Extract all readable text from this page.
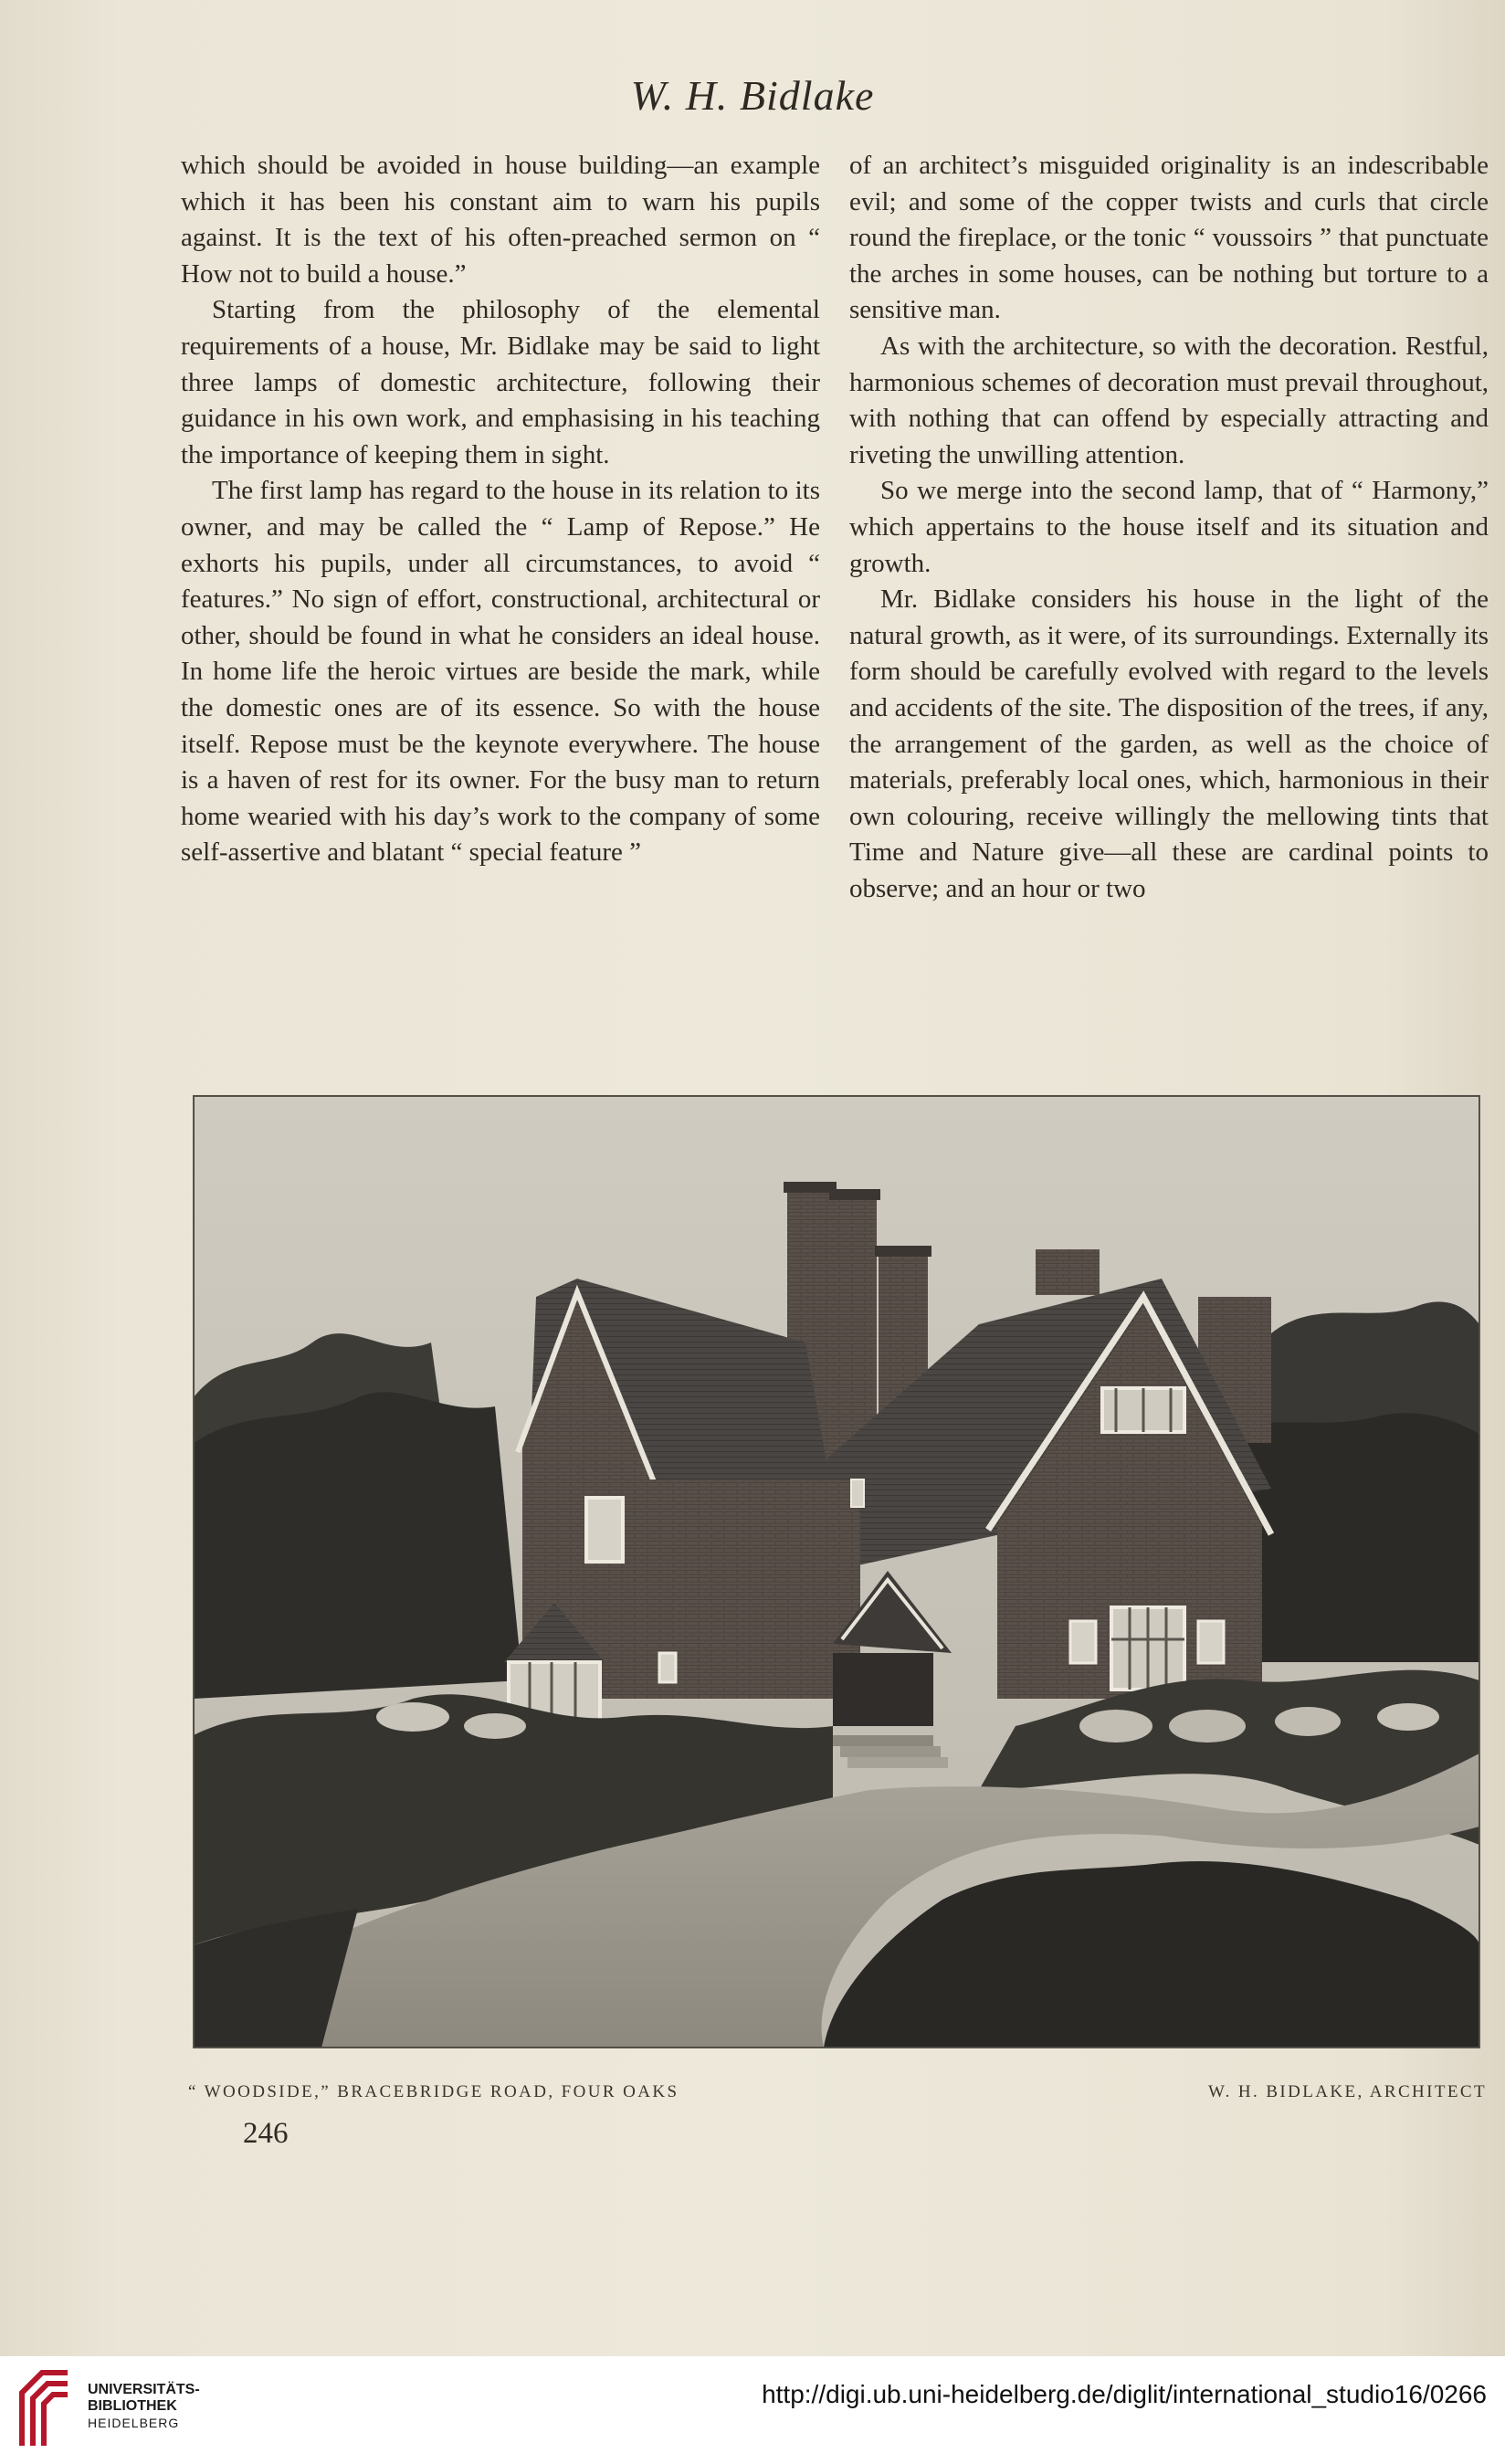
W. H. Bidlake

which should be avoided in house building—an example which it has been his constant aim to warn his pupils against. It is the text of his often-preached sermon on “ How not to build a house.”

Starting from the philosophy of the elemental requirements of a house, Mr. Bidlake may be said to light three lamps of domestic architecture, following their guidance in his own work, and emphasising in his teaching the importance of keeping them in sight.

The first lamp has regard to the house in its relation to its owner, and may be called the “ Lamp of Repose.” He exhorts his pupils, under all circumstances, to avoid “ features.” No sign of effort, constructional, architectural or other, should be found in what he considers an ideal house. In home life the heroic virtues are beside the mark, while the domestic ones are of its essence. So with the house itself. Repose must be the keynote everywhere. The house is a haven of rest for its owner. For the busy man to return home wearied with his day’s work to the company of some self-assertive and blatant “ special feature ”

of an architect’s misguided originality is an indescribable evil; and some of the copper twists and curls that circle round the fireplace, or the tonic “ voussoirs ” that punctuate the arches in some houses, can be nothing but torture to a sensitive man.

As with the architecture, so with the decoration. Restful, harmonious schemes of decoration must prevail throughout, with nothing that can offend by especially attracting and riveting the unwilling attention.

So we merge into the second lamp, that of “ Harmony,” which appertains to the house itself and its situation and growth.

Mr. Bidlake considers his house in the light of the natural growth, as it were, of its surroundings. Externally its form should be carefully evolved with regard to the levels and accidents of the site. The disposition of the trees, if any, the arrangement of the garden, as well as the choice of materials, preferably local ones, which, harmonious in their own colouring, receive willingly the mellowing tints that Time and Nature give—all these are cardinal points to observe; and an hour or two

“ WOODSIDE,” BRACEBRIDGE ROAD, FOUR OAKS	W. H. BIDLAKE, ARCHITECT
246
UNIVERSITÄTS-
BIBLIOTHEK
HEIDELBERG
http://digi.ub.uni-heidelberg.de/diglit/international_studio16/0266
